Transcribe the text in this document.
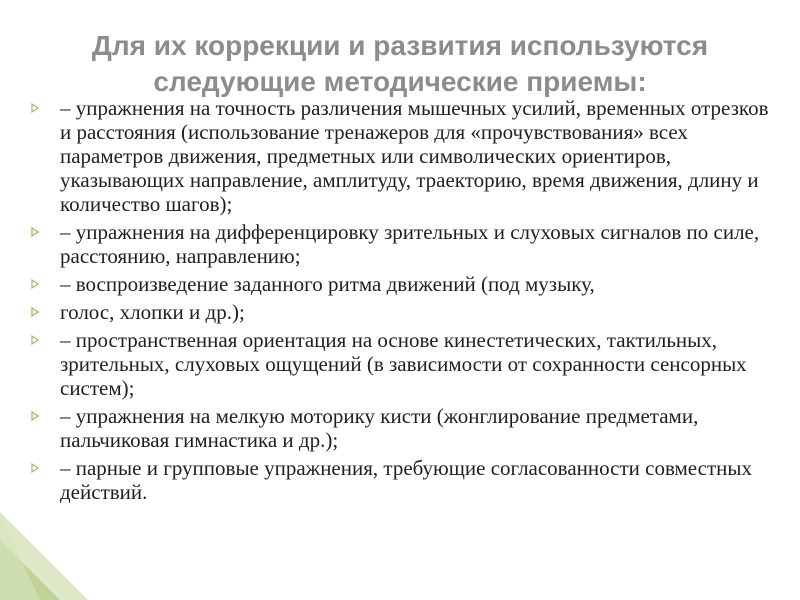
Для их коррекции и развития используются
следующие методические приемы:
– упражнения на точность различения мышечных усилий, временных отрезков и расстояния (использование тренажеров для «прочувствования» всех параметров движения, предметных или символических ориентиров, указывающих направление, амплитуду, траекторию, время движения, длину и количество шагов);
– упражнения на дифференцировку зрительных и слуховых сигналов по силе, расстоянию, направлению;
– воспроизведение заданного ритма движений (под музыку,
голос, хлопки и др.);
– пространственная ориентация на основе кинестетических, тактильных, зрительных, слуховых ощущений (в зависимости от сохранности сенсорных систем);
– упражнения на мелкую моторику кисти (жонглирование предметами, пальчиковая гимнастика и др.);
– парные и групповые упражнения, требующие согласованности совместных действий.
